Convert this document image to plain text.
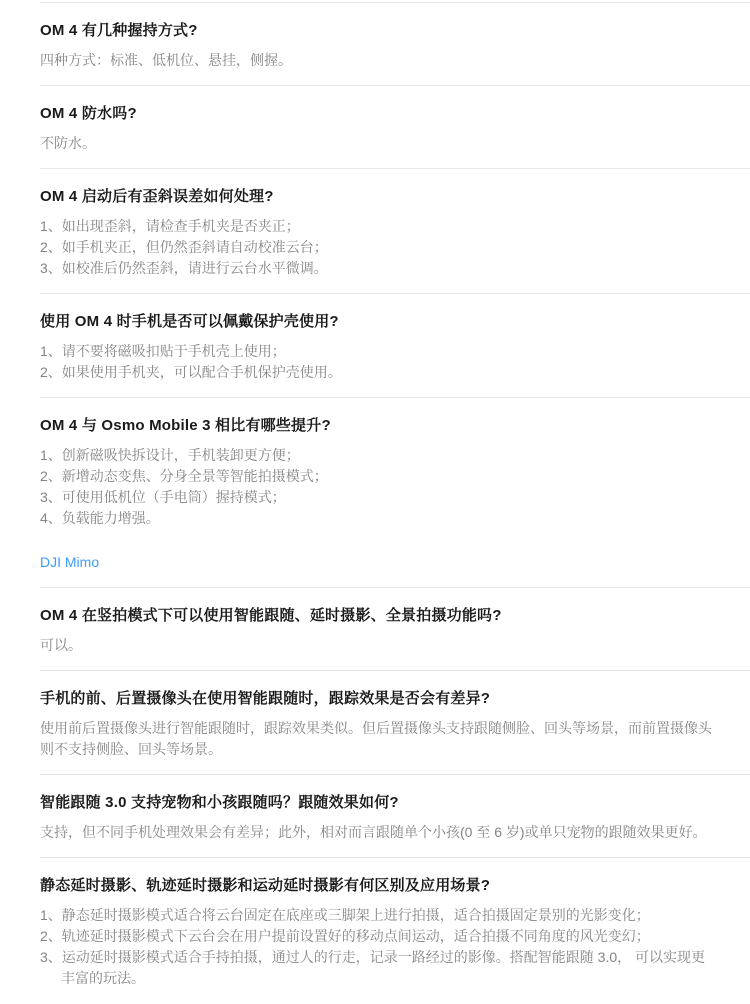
OM 4 有几种握持方式?
四种方式：标准、低机位、悬挂，侧握。
OM 4 防水吗?
不防水。
OM 4 启动后有歪斜误差如何处理?
1、如出现歪斜，请检查手机夹是否夹正；
2、如手机夹正，但仍然歪斜请自动校准云台；
3、如校准后仍然歪斜，请进行云台水平微调。
使用 OM 4 时手机是否可以佩戴保护壳使用?
1、请不要将磁吸扣贴于手机壳上使用；
2、如果使用手机夹，可以配合手机保护壳使用。
OM 4 与 Osmo Mobile 3 相比有哪些提升?
1、创新磁吸快拆设计，手机装卸更方便；
2、新增动态变焦、分身全景等智能拍摄模式；
3、可使用低机位（手电筒）握持模式；
4、负载能力增强。
DJI Mimo
OM 4 在竖拍模式下可以使用智能跟随、延时摄影、全景拍摄功能吗?
可以。
手机的前、后置摄像头在使用智能跟随时，跟踪效果是否会有差异?
使用前后置摄像头进行智能跟随时，跟踪效果类似。但后置摄像头支持跟随侧脸、回头等场景，而前置摄像头则不支持侧脸、回头等场景。
智能跟随 3.0 支持宠物和小孩跟随吗？跟随效果如何?
支持，但不同手机处理效果会有差异；此外，相对而言跟随单个小孩(0 至 6 岁)或单只宠物的跟随效果更好。
静态延时摄影、轨迹延时摄影和运动延时摄影有何区别及应用场景?
1、静态延时摄影模式适合将云台固定在底座或三脚架上进行拍摄，适合拍摄固定景别的光影变化；
2、轨迹延时摄影模式下云台会在用户提前设置好的移动点间运动，适合拍摄不同角度的风光变幻；
3、运动延时摄影模式适合手持拍摄，通过人的行走，记录一路经过的影像。搭配智能跟随 3.0， 可以实现更丰富的玩法。
